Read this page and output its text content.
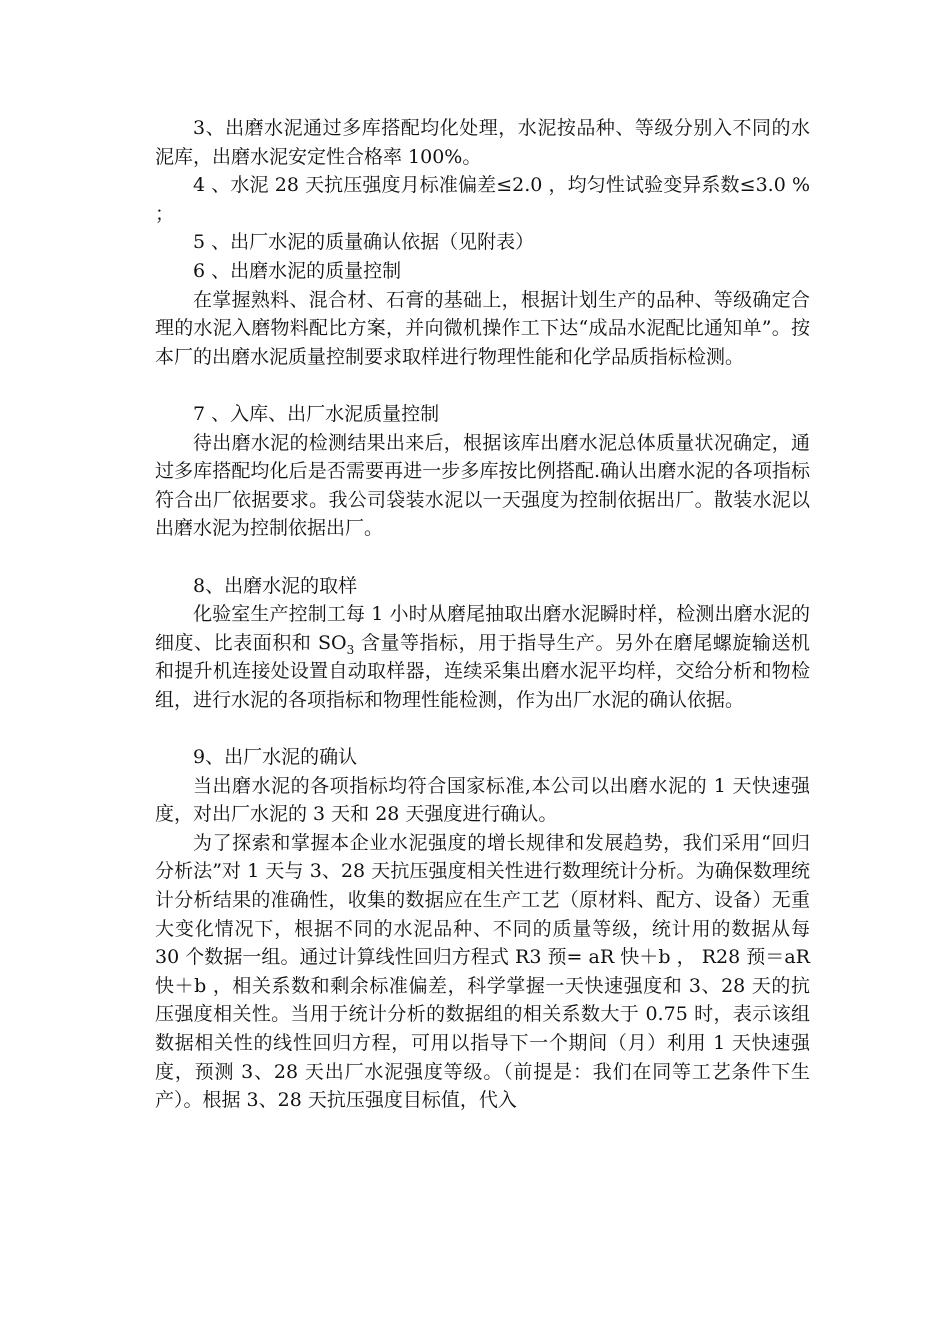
3、出磨水泥通过多库搭配均化处理，水泥按品种、等级分别入不同的水泥库，出磨水泥安定性合格率 100%。

4 、水泥 28 天抗压强度月标准偏差≤2.0 ，均匀性试验变异系数≤3.0 % ；

5 、出厂水泥的质量确认依据（见附表）

6 、出磨水泥的质量控制

在掌握熟料、混合材、石膏的基础上，根据计划生产的品种、等级确定合理的水泥入磨物料配比方案，并向微机操作工下达“成品水泥配比通知单”。按本厂的出磨水泥质量控制要求取样进行物理性能和化学品质指标检测。

7 、入库、出厂水泥质量控制

待出磨水泥的检测结果出来后，根据该库出磨水泥总体质量状况确定，通过多库搭配均化后是否需要再进一步多库按比例搭配.确认出磨水泥的各项指标符合出厂依据要求。我公司袋装水泥以一天强度为控制依据出厂。散装水泥以出磨水泥为控制依据出厂。

8、出磨水泥的取样

化验室生产控制工每 1 小时从磨尾抽取出磨水泥瞬时样，检测出磨水泥的细度、比表面积和 $SO_3$ 含量等指标，用于指导生产。另外在磨尾螺旋输送机和提升机连接处设置自动取样器，连续采集出磨水泥平均样，交给分析和物检组，进行水泥的各项指标和物理性能检测，作为出厂水泥的确认依据。

9、出厂水泥的确认

当出磨水泥的各项指标均符合国家标准,本公司以出磨水泥的 1 天快速强度，对出厂水泥的 3 天和 28 天强度进行确认。

为了探索和掌握本企业水泥强度的增长规律和发展趋势，我们采用“回归分析法”对 1 天与 3、28 天抗压强度相关性进行数理统计分析。为确保数理统计分析结果的准确性，收集的数据应在生产工艺（原材料、配方、设备）无重大变化情况下，根据不同的水泥品种、不同的质量等级，统计用的数据从每 30 个数据一组。通过计算线性回归方程式 R3 预= aR 快＋b ， R28 预＝aR 快＋b ，相关系数和剩余标准偏差，科学掌握一天快速强度和 3、28 天的抗压强度相关性。当用于统计分析的数据组的相关系数大于 0.75 时，表示该组数据相关性的线性回归方程，可用以指导下一个期间（月）利用 1 天快速强度，预测 3、28 天出厂水泥强度等级。（前提是：我们在同等工艺条件下生产）。根据 3、28 天抗压强度目标值，代入
